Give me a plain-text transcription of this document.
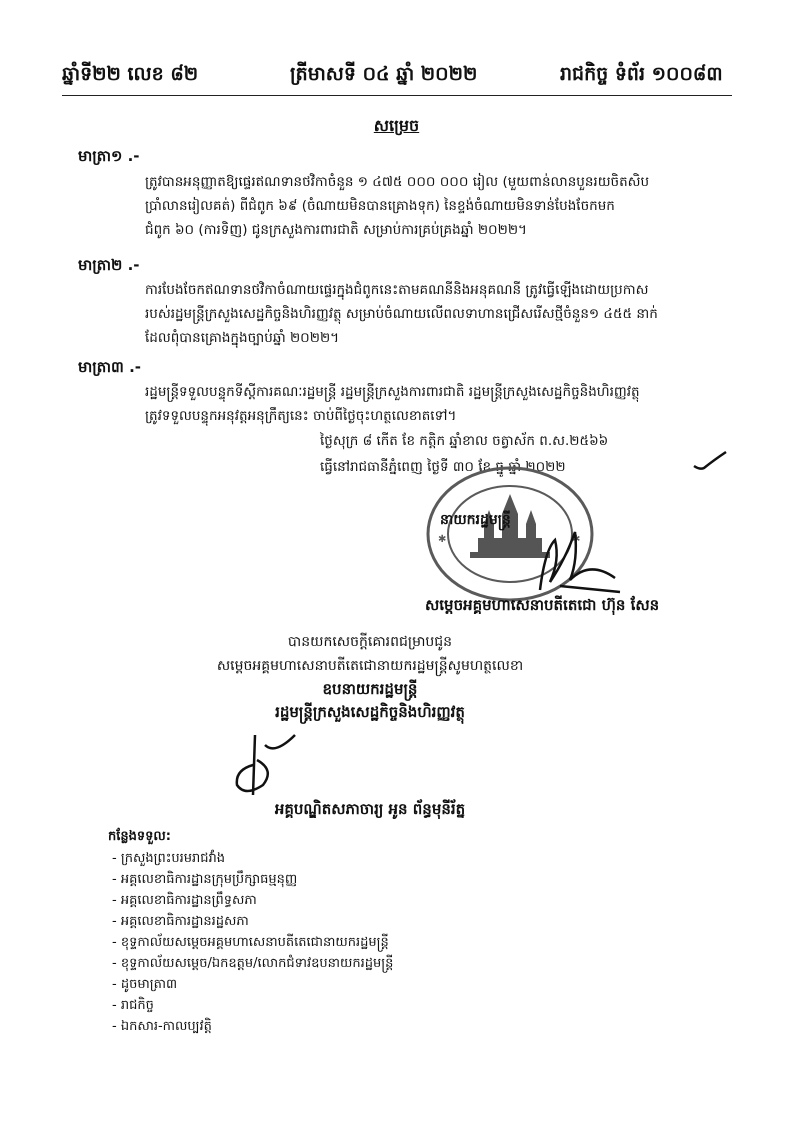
ឆ្នាំទី២២ លេខ ៨២	ត្រីមាសទី ០៤ ឆ្នាំ ២០២២	រាជកិច្ច ទំព័រ ១០០៨៣
សម្រេច
មាត្រា១ .‐
ត្រូវបានអនុញ្ញាតឱ្យផ្ទេរឥណទានថវិកាចំនួន ១ ៤៧៥ ០០០ ០០០ រៀល (មួយពាន់លានបួនរយចិតសិប
ប្រាំលានរៀលគត់) ពីជំពូក ៦៩ (ចំណាយមិនបានគ្រោងទុក) នៃខ្ទង់ចំណាយមិនទាន់បែងចែកមក
ជំពូក ៦០ (ការទិញ) ជូនក្រសួងការពារជាតិ សម្រាប់ការគ្រប់គ្រងឆ្នាំ ២០២២។
មាត្រា២ .‐
ការបែងចែកឥណទានថវិកាចំណាយផ្ទេរក្នុងជំពូកនេះតាមគណនីនិងអនុគណនី ត្រូវធ្វើឡើងដោយប្រកាស
របស់រដ្ឋមន្ត្រីក្រសួងសេដ្ឋកិច្ចនិងហិរញ្ញវត្ថុ សម្រាប់ចំណាយលើពលទាហានជ្រើសរើសថ្មីចំនួន១ ៤៥៥ នាក់
ដែលពុំបានគ្រោងក្នុងច្បាប់ឆ្នាំ ២០២២។
មាត្រា៣ .‐
រដ្ឋមន្ត្រីទទួលបន្ទុកទីស្តីការគណៈរដ្ឋមន្ត្រី រដ្ឋមន្ត្រីក្រសួងការពារជាតិ រដ្ឋមន្ត្រីក្រសួងសេដ្ឋកិច្ចនិងហិរញ្ញវត្ថុ
ត្រូវទទួលបន្ទុកអនុវត្តអនុក្រឹត្យនេះ ចាប់ពីថ្ងៃចុះហត្ថលេខាតទៅ។
ថ្ងៃសុក្រ ៨ កើត ខែ កត្តិក ឆ្នាំខាល ចត្វាស័ក ព.ស.២៥៦៦
ធ្វើនៅរាជធានីភ្នំពេញ ថ្ងៃទី ៣០ ខែ ធ្នូ ឆ្នាំ ២០២២
✱	✱
នាយករដ្ឋមន្ត្រី
សម្តេចអគ្គមហាសេនាបតីតេជោ ហ៊ុន សែន
បានយកសេចក្តីគោរពជម្រាបជូន
សម្តេចអគ្គមហាសេនាបតីតេជោនាយករដ្ឋមន្ត្រីសូមហត្ថលេខា
ឧបនាយករដ្ឋមន្ត្រី
រដ្ឋមន្ត្រីក្រសួងសេដ្ឋកិច្ចនិងហិរញ្ញវត្ថុ
អគ្គបណ្ឌិតសភាចារ្យ អូន ព័ន្ធមុនីរ័ត្ន
កន្លែងទទួល:
- ក្រសួងព្រះបរមរាជវាំង
- អគ្គលេខាធិការដ្ឋានក្រុមប្រឹក្សាធម្មនុញ្ញ
- អគ្គលេខាធិការដ្ឋានព្រឹទ្ធសភា
- អគ្គលេខាធិការដ្ឋានរដ្ឋសភា
- ខុទ្ទកាល័យសម្តេចអគ្គមហាសេនាបតីតេជោនាយករដ្ឋមន្ត្រី
- ខុទ្ទកាល័យសម្តេច/ឯកឧត្តម/លោកជំទាវឧបនាយករដ្ឋមន្ត្រី
- ដូចមាត្រា៣
- រាជកិច្ច
- ឯកសារ-កាលប្បវត្តិ
